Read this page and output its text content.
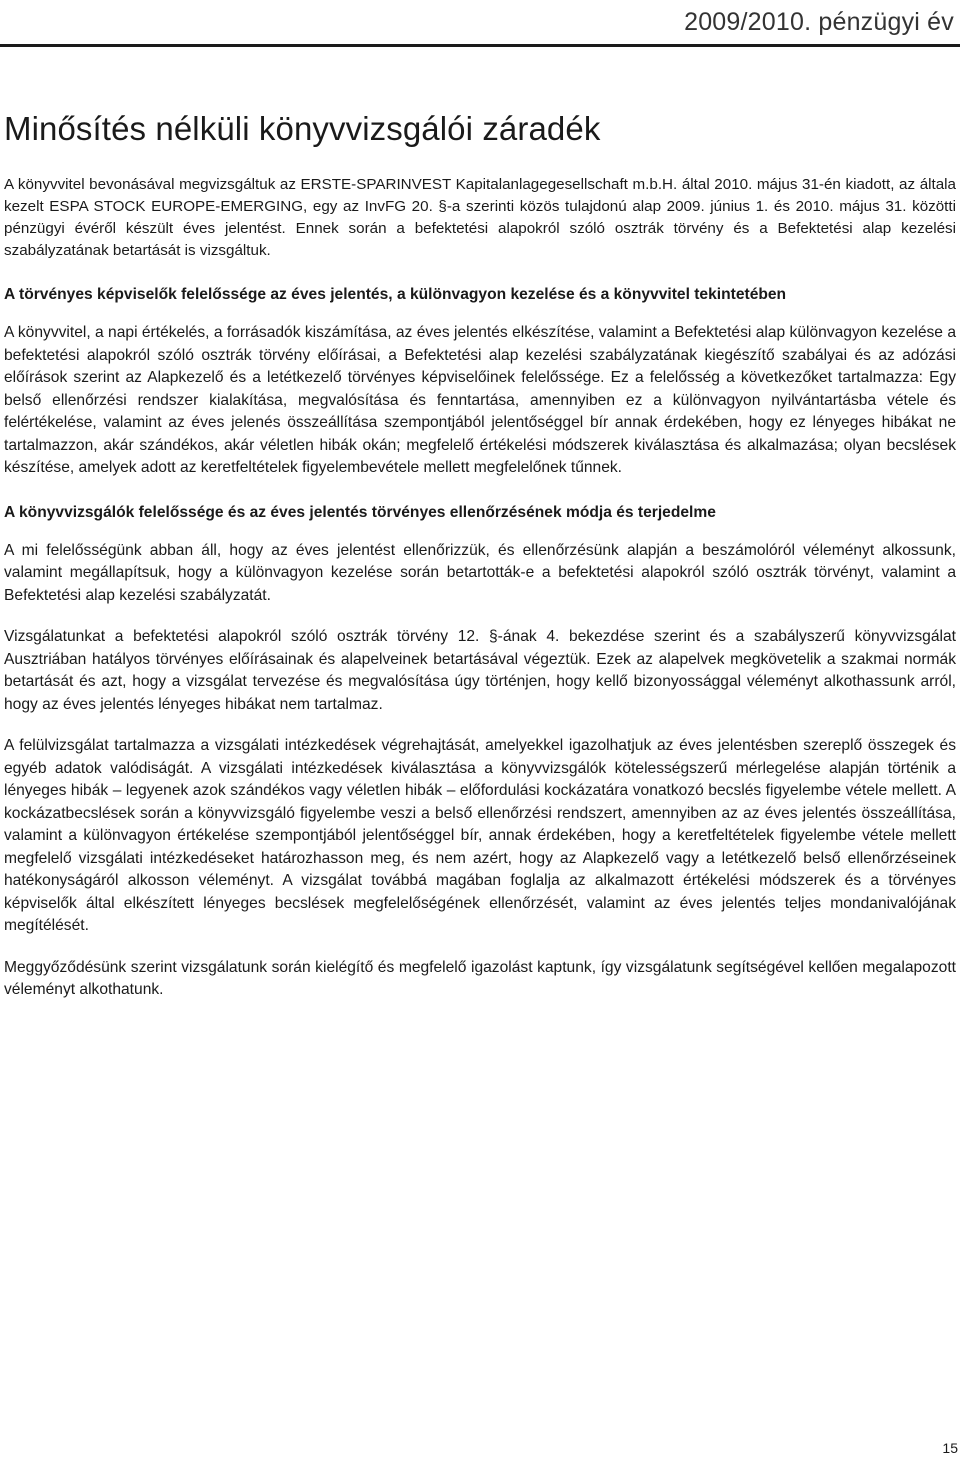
2009/2010. pénzügyi év
Minősítés nélküli könyvvizsgálói záradék

A könyvvitel bevonásával megvizsgáltuk az ERSTE-SPARINVEST Kapitalanlagegesellschaft m.b.H. által 2010. május 31-én kiadott, az általa kezelt ESPA STOCK EUROPE-EMERGING, egy az InvFG 20. §-a szerinti közös tulajdonú alap 2009. június 1. és 2010. május 31. közötti pénzügyi évéről készült éves jelentést. Ennek során a befektetési alapokról szóló osztrák törvény és a Befektetési alap kezelési szabályzatának betartását is vizsgáltuk.

A törvényes képviselők felelőssége az éves jelentés, a különvagyon kezelése és a könyvvitel tekintetében

A könyvvitel, a napi értékelés, a forrásadók kiszámítása, az éves jelentés elkészítése, valamint a Befektetési alap különvagyon kezelése a befektetési alapokról szóló osztrák törvény előírásai, a Befektetési alap kezelési szabályzatának kiegészítő szabályai és az adózási előírások szerint az Alapkezelő és a letétkezelő törvényes képviselőinek felelőssége. Ez a felelősség a következőket tartalmazza: Egy belső ellenőrzési rendszer kialakítása, megvalósítása és fenntartása, amennyiben ez a különvagyon nyilvántartásba vétele és felértékelése, valamint az éves jelenés összeállítása szempontjából jelentőséggel bír annak érdekében, hogy ez lényeges hibákat ne tartalmazzon, akár szándékos, akár véletlen hibák okán; megfelelő értékelési módszerek kiválasztása és alkalmazása; olyan becslések készítése, amelyek adott az keretfeltételek figyelembevétele mellett megfelelőnek tűnnek.

A könyvvizsgálók felelőssége és az éves jelentés törvényes ellenőrzésének módja és terjedelme

A mi felelősségünk abban áll, hogy az éves jelentést ellenőrizzük, és ellenőrzésünk alapján a beszámolóról véleményt alkossunk, valamint megállapítsuk, hogy a különvagyon kezelése során betartották-e a befektetési alapokról szóló osztrák törvényt, valamint a Befektetési alap kezelési szabályzatát.

Vizsgálatunkat a befektetési alapokról szóló osztrák törvény 12. §-ának 4. bekezdése szerint és a szabályszerű könyvvizsgálat Ausztriában hatályos törvényes előírásainak és alapelveinek betartásával végeztük. Ezek az alapelvek megkövetelik a szakmai normák betartását és azt, hogy a vizsgálat tervezése és megvalósítása úgy történjen, hogy kellő bizonyossággal véleményt alkothassunk arról, hogy az éves jelentés lényeges hibákat nem tartalmaz.

A felülvizsgálat tartalmazza a vizsgálati intézkedések végrehajtását, amelyekkel igazolhatjuk az éves jelentésben szereplő összegek és egyéb adatok valódiságát. A vizsgálati intézkedések kiválasztása a könyvvizsgálók kötelességszerű mérlegelése alapján történik a lényeges hibák – legyenek azok szándékos vagy véletlen hibák – előfordulási kockázatára vonatkozó becslés figyelembe vétele mellett. A kockázatbecslések során a könyvvizsgáló figyelembe veszi a belső ellenőrzési rendszert, amennyiben az az éves jelentés összeállítása, valamint a különvagyon értékelése szempontjából jelentőséggel bír, annak érdekében, hogy a keretfeltételek figyelembe vétele mellett megfelelő vizsgálati intézkedéseket határozhasson meg, és nem azért, hogy az Alapkezelő vagy a letétkezelő belső ellenőrzéseinek hatékonyságáról alkosson véleményt. A vizsgálat továbbá magában foglalja az alkalmazott értékelési módszerek és a törvényes képviselők által elkészített lényeges becslések megfelelőségének ellenőrzését, valamint az éves jelentés teljes mondanivalójának megítélését.

Meggyőződésünk szerint vizsgálatunk során kielégítő és megfelelő igazolást kaptunk, így vizsgálatunk segítségével kellően megalapozott véleményt alkothatunk.

15
